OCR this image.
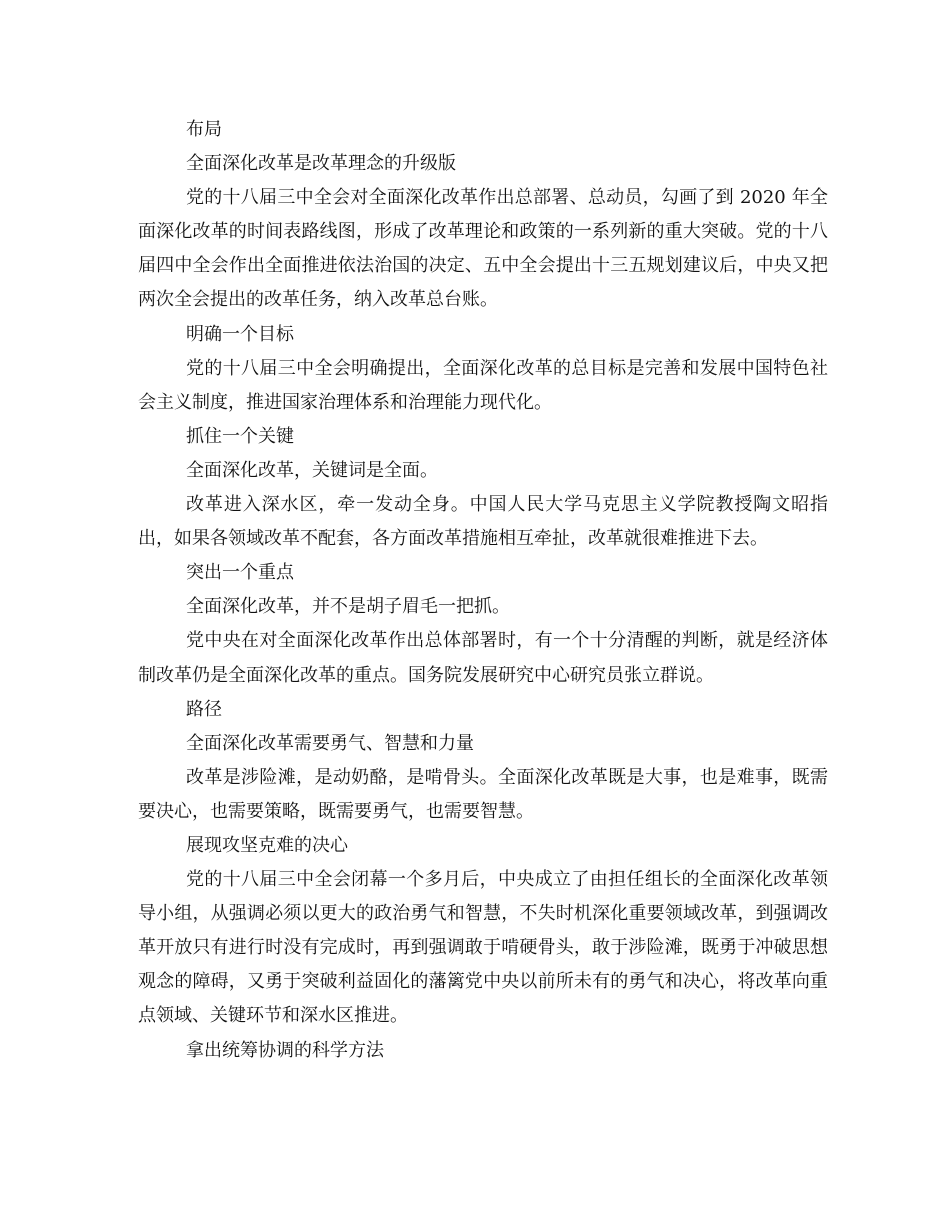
布局

全面深化改革是改革理念的升级版

党的十八届三中全会对全面深化改革作出总部署、总动员，勾画了到 2020 年全面深化改革的时间表路线图，形成了改革理论和政策的一系列新的重大突破。党的十八届四中全会作出全面推进依法治国的决定、五中全会提出十三五规划建议后，中央又把两次全会提出的改革任务，纳入改革总台账。

明确一个目标

党的十八届三中全会明确提出，全面深化改革的总目标是完善和发展中国特色社会主义制度，推进国家治理体系和治理能力现代化。

抓住一个关键

全面深化改革，关键词是全面。

改革进入深水区，牵一发动全身。中国人民大学马克思主义学院教授陶文昭指出，如果各领域改革不配套，各方面改革措施相互牵扯，改革就很难推进下去。

突出一个重点

全面深化改革，并不是胡子眉毛一把抓。

党中央在对全面深化改革作出总体部署时，有一个十分清醒的判断，就是经济体制改革仍是全面深化改革的重点。国务院发展研究中心研究员张立群说。

路径

全面深化改革需要勇气、智慧和力量

改革是涉险滩，是动奶酪，是啃骨头。全面深化改革既是大事，也是难事，既需要决心，也需要策略，既需要勇气，也需要智慧。

展现攻坚克难的决心

党的十八届三中全会闭幕一个多月后，中央成立了由担任组长的全面深化改革领导小组，从强调必须以更大的政治勇气和智慧，不失时机深化重要领域改革，到强调改革开放只有进行时没有完成时，再到强调敢于啃硬骨头，敢于涉险滩，既勇于冲破思想观念的障碍，又勇于突破利益固化的藩篱党中央以前所未有的勇气和决心，将改革向重点领域、关键环节和深水区推进。

拿出统筹协调的科学方法
